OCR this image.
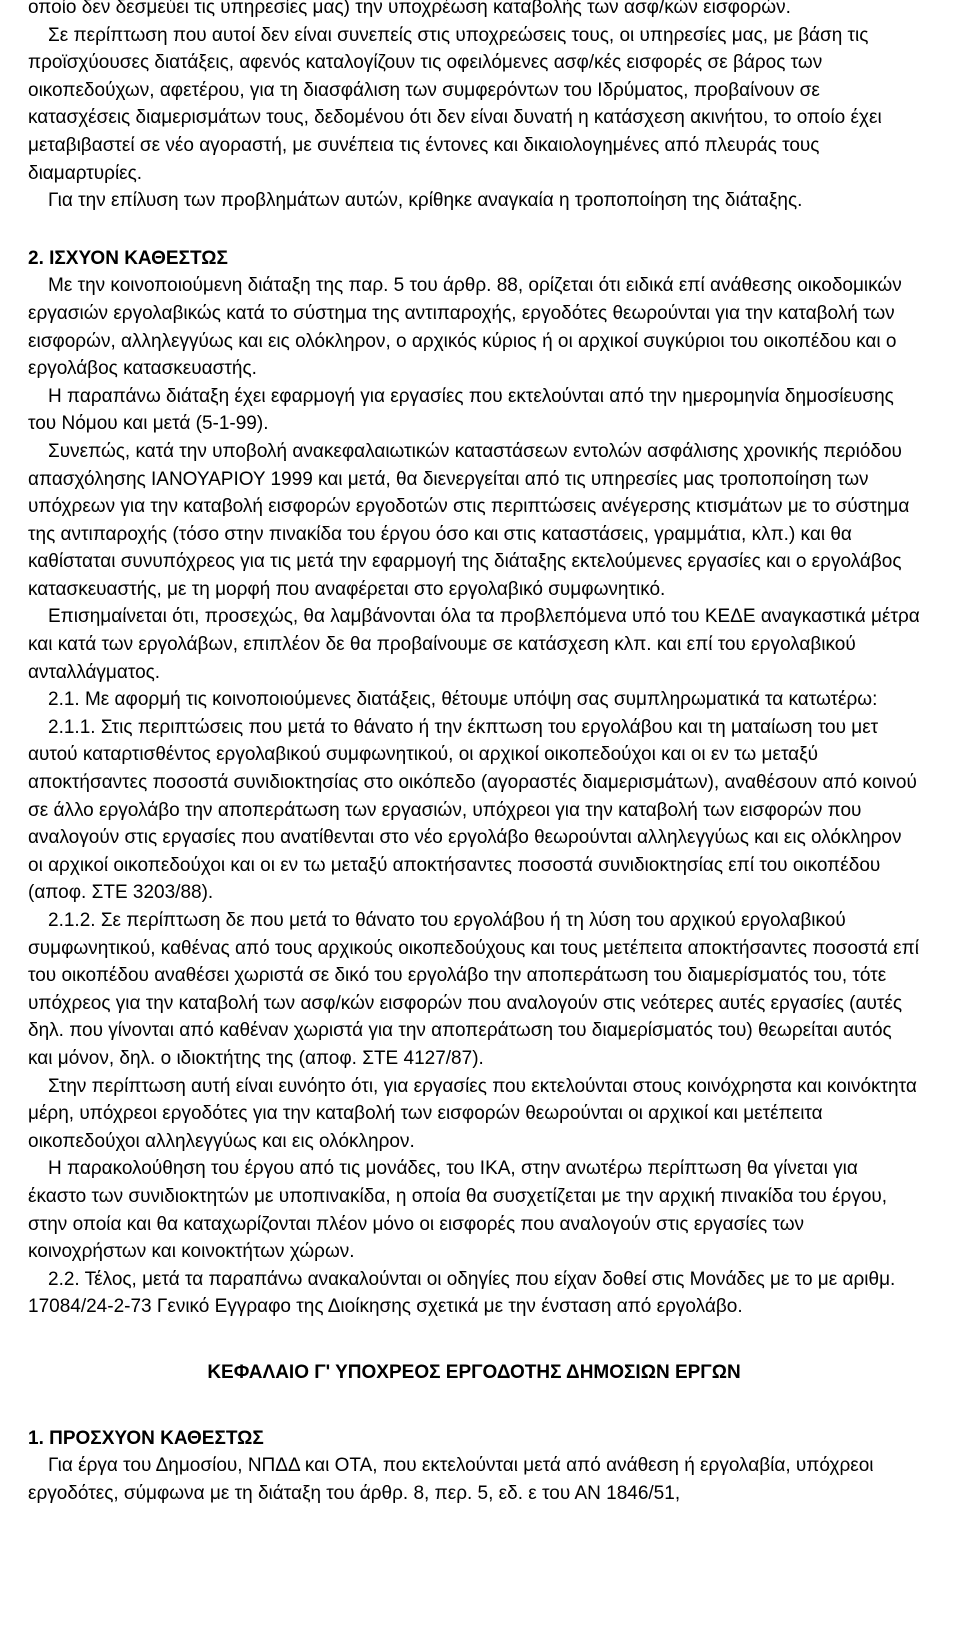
οποίο δεν δεσμεύει τις υπηρεσίες μας) την υποχρέωση καταβολής των ασφ/κών εισφορών.

Σε περίπτωση που αυτοί δεν είναι συνεπείς στις υποχρεώσεις τους, οι υπηρεσίες μας, με βάση τις προϊσχύουσες διατάξεις, αφενός καταλογίζουν τις οφειλόμενες ασφ/κές εισφορές σε βάρος των οικοπεδούχων, αφετέρου, για τη διασφάλιση των συμφερόντων του Ιδρύματος, προβαίνουν σε κατασχέσεις διαμερισμάτων τους, δεδομένου ότι δεν είναι δυνατή η κατάσχεση ακινήτου, το οποίο έχει μεταβιβαστεί σε νέο αγοραστή, με συνέπεια τις έντονες και δικαιολογημένες από πλευράς τους διαμαρτυρίες.

Για την επίλυση των προβλημάτων αυτών, κρίθηκε αναγκαία η τροποποίηση της διάταξης.

2. ΙΣΧΥΟΝ ΚΑΘΕΣΤΩΣ

Με την κοινοποιούμενη διάταξη της παρ. 5 του άρθρ. 88, ορίζεται ότι ειδικά επί ανάθεσης οικοδομικών εργασιών εργολαβικώς κατά το σύστημα της αντιπαροχής, εργοδότες θεωρούνται για την καταβολή των εισφορών, αλληλεγγύως και εις ολόκληρον, ο αρχικός κύριος ή οι αρχικοί συγκύριοι του οικοπέδου και ο εργολάβος κατασκευαστής.

Η παραπάνω διάταξη έχει εφαρμογή για εργασίες που εκτελούνται από την ημερομηνία δημοσίευσης του Νόμου και μετά (5-1-99).

Συνεπώς, κατά την υποβολή ανακεφαλαιωτικών καταστάσεων εντολών ασφάλισης χρονικής περιόδου απασχόλησης ΙΑΝΟΥΑΡΙΟΥ 1999 και μετά, θα διενεργείται από τις υπηρεσίες μας τροποποίηση των υπόχρεων για την καταβολή εισφορών εργοδοτών στις περιπτώσεις ανέγερσης κτισμάτων με το σύστημα της αντιπαροχής (τόσο στην πινακίδα του έργου όσο και στις καταστάσεις, γραμμάτια, κλπ.) και θα καθίσταται συνυπόχρεος για τις μετά την εφαρμογή της διάταξης εκτελούμενες εργασίες και ο εργολάβος κατασκευαστής, με τη μορφή που αναφέρεται στο εργολαβικό συμφωνητικό.

Επισημαίνεται ότι, προσεχώς, θα λαμβάνονται όλα τα προβλεπόμενα υπό του ΚΕΔΕ αναγκαστικά μέτρα και κατά των εργολάβων, επιπλέον δε θα προβαίνουμε σε κατάσχεση κλπ. και επί του εργολαβικού ανταλλάγματος.

2.1. Με αφορμή τις κοινοποιούμενες διατάξεις, θέτουμε υπόψη σας συμπληρωματικά τα κατωτέρω:

2.1.1. Στις περιπτώσεις που μετά το θάνατο ή την έκπτωση του εργολάβου και τη ματαίωση του μετ αυτού καταρτισθέντος εργολαβικού συμφωνητικού, οι αρχικοί οικοπεδούχοι και οι εν τω μεταξύ αποκτήσαντες ποσοστά συνιδιοκτησίας στο οικόπεδο (αγοραστές διαμερισμάτων), αναθέσουν από κοινού σε άλλο εργολάβο την αποπεράτωση των εργασιών, υπόχρεοι για την καταβολή των εισφορών που αναλογούν στις εργασίες που ανατίθενται στο νέο εργολάβο θεωρούνται αλληλεγγύως και εις ολόκληρον οι αρχικοί οικοπεδούχοι και οι εν τω μεταξύ αποκτήσαντες ποσοστά συνιδιοκτησίας επί του οικοπέδου (αποφ. ΣΤΕ 3203/88).

2.1.2. Σε περίπτωση δε που μετά το θάνατο του εργολάβου ή τη λύση του αρχικού εργολαβικού συμφωνητικού, καθένας από τους αρχικούς οικοπεδούχους και τους μετέπειτα αποκτήσαντες ποσοστά επί του οικοπέδου αναθέσει χωριστά σε δικό του εργολάβο την αποπεράτωση του διαμερίσματός του, τότε υπόχρεος για την καταβολή των ασφ/κών εισφορών που αναλογούν στις νεότερες αυτές εργασίες (αυτές δηλ. που γίνονται από καθέναν χωριστά για την αποπεράτωση του διαμερίσματός του) θεωρείται αυτός και μόνον, δηλ. ο ιδιοκτήτης της (αποφ. ΣΤΕ 4127/87).

Στην περίπτωση αυτή είναι ευνόητο ότι, για εργασίες που εκτελούνται στους κοινόχρηστα και κοινόκτητα μέρη, υπόχρεοι εργοδότες για την καταβολή των εισφορών θεωρούνται οι αρχικοί και μετέπειτα οικοπεδούχοι αλληλεγγύως και εις ολόκληρον.

Η παρακολούθηση του έργου από τις μονάδες, του ΙΚΑ, στην ανωτέρω περίπτωση θα γίνεται για έκαστο των συνιδιοκτητών με υποπινακίδα, η οποία θα συσχετίζεται με την αρχική πινακίδα του έργου, στην οποία και θα καταχωρίζονται πλέον μόνο οι εισφορές που αναλογούν στις εργασίες των κοινοχρήστων και κοινοκτήτων χώρων.

2.2. Τέλος, μετά τα παραπάνω ανακαλούνται οι οδηγίες που είχαν δοθεί στις Μονάδες με το με αριθμ. 17084/24-2-73 Γενικό Εγγραφο της Διοίκησης σχετικά με την ένσταση από εργολάβο.

ΚΕΦΑΛΑΙΟ Γ' ΥΠΟΧΡΕΟΣ ΕΡΓΟΔΟΤΗΣ ΔΗΜΟΣΙΩΝ ΕΡΓΩΝ

1. ΠΡΟΣΧΥΟΝ ΚΑΘΕΣΤΩΣ

Για έργα του Δημοσίου, ΝΠΔΔ και ΟΤΑ, που εκτελούνται μετά από ανάθεση ή εργολαβία, υπόχρεοι εργοδότες, σύμφωνα με τη διάταξη του άρθρ. 8, περ. 5, εδ. ε του ΑΝ 1846/51,
